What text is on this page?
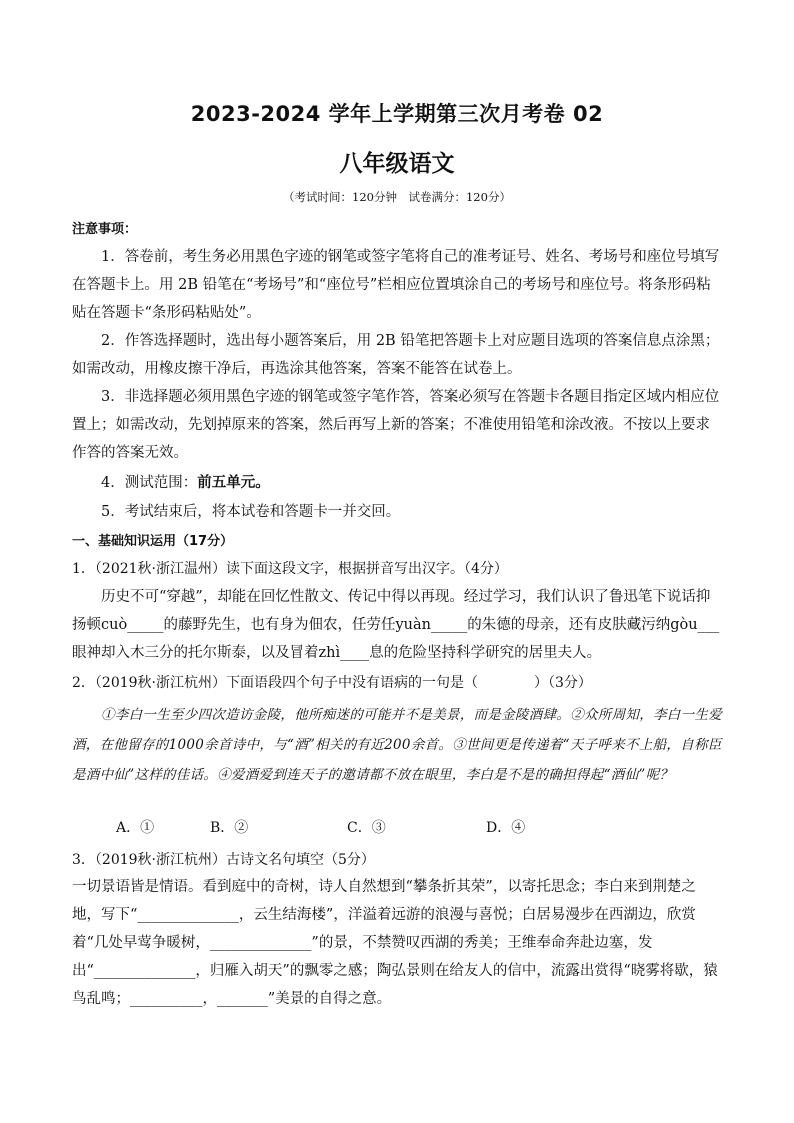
2023-2024 学年上学期第三次月考卷 02
八年级语文
（考试时间：120分钟　试卷满分：120分）
注意事项：
1．答卷前，考生务必用黑色字迹的钢笔或签字笔将自己的准考证号、姓名、考场号和座位号填写在答题卡上。用 2B 铅笔在“考场号”和“座位号”栏相应位置填涂自己的考场号和座位号。将条形码粘贴在答题卡“条形码粘贴处”。
2．作答选择题时，选出每小题答案后，用 2B 铅笔把答题卡上对应题目选项的答案信息点涂黑；如需改动，用橡皮擦干净后，再选涂其他答案，答案不能答在试卷上。
3．非选择题必须用黑色字迹的钢笔或签字笔作答，答案必须写在答题卡各题目指定区域内相应位置上；如需改动，先划掉原来的答案，然后再写上新的答案；不准使用铅笔和涂改液。不按以上要求作答的答案无效。
4．测试范围：前五单元。
5．考试结束后，将本试卷和答题卡一并交回。
一、基础知识运用（17分）
1．（2021秋·浙江温州）读下面这段文字，根据拼音写出汉字。（4分）
历史不可“穿越”，却能在回忆性散文、传记中得以再现。经过学习，我们认识了鲁迅笔下说话抑扬顿cuò_____的藤野先生，也有身为佃农，任劳任yuàn_____的朱德的母亲，还有皮肤藏污纳gòu___眼神却入木三分的托尔斯泰，以及冒着zhì____息的危险坚持科学研究的居里夫人。
2．（2019秋·浙江杭州）下面语段四个句子中没有语病的一句是（　　　　）（3分）
①李白一生至少四次造访金陵，他所痴迷的可能并不是美景，而是金陵酒肆。②众所周知，李白一生爱酒，在他留存的1000余首诗中，与“酒”相关的有近200余首。③世间更是传递着“天子呼来不上船，自称臣是酒中仙”这样的佳话。④爱酒爱到连天子的邀请都不放在眼里，李白是不是的确担得起“酒仙”呢？
A．①	B．②	C．③	D．④
3．（2019秋·浙江杭州）古诗文名句填空（5分）
一切景语皆是情语。看到庭中的奇树，诗人自然想到“攀条折其荣”，以寄托思念；李白来到荆楚之地，写下“______________，云生结海楼”，洋溢着远游的浪漫与喜悦；白居易漫步在西湖边，欣赏着“几处早莺争暖树，______________”的景，不禁赞叹西湖的秀美；王维奉命奔赴边塞，发出“______________，归雁入胡天”的飘零之感；陶弘景则在给友人的信中，流露出赏得“晓雾将歇，猿鸟乱鸣；__________，_______”美景的自得之意。
